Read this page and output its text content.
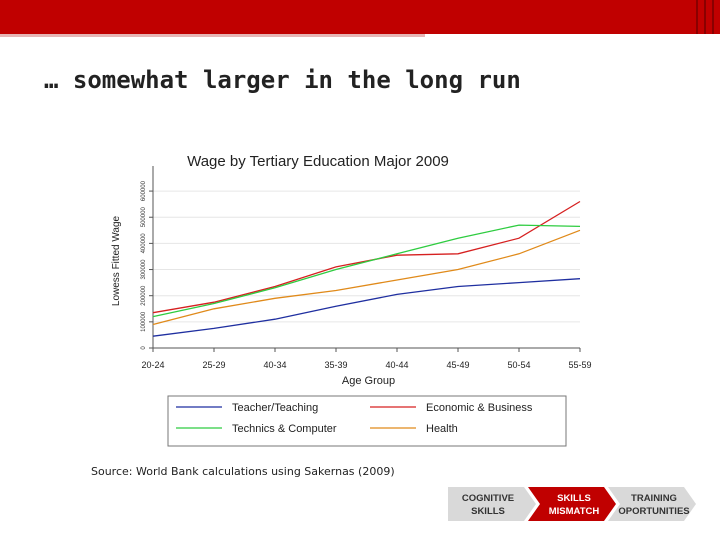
… somewhat larger in the long run
Wage by Tertiary Education Major 2009
0
100000
200000
300000
400000
500000
600000
20-24	25-29	40-34	35-39	40-44	45-49	50-54	55-59
Age Group
Lowess Fitted Wage
Teacher/Teaching	Economic & Business
Technics & Computer	Health
Source: World Bank calculations using Sakernas (2009)
COGNITIVE
SKILLS
SKILLS
MISMATCH
TRAINING
OPORTUNITIES
